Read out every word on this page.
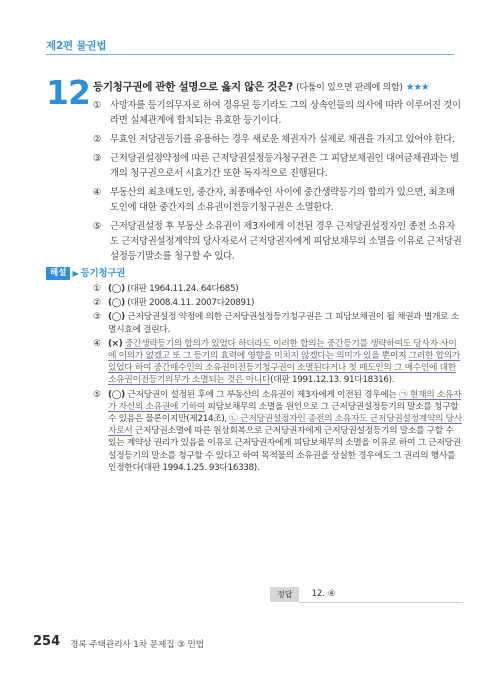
제2편 물권법
12 등기청구권에 관한 설명으로 옳지 않은 것은? (다툼이 있으면 판례에 의함) ★★★
① 사망자를 등기의무자로 하여 경유된 등기라도 그의 상속인들의 의사에 따라 이루어진 것이라면 실체관계에 합치되는 유효한 등기이다.
② 무효인 저당권등기를 유용하는 경우 새로운 채권자가 실제로 채권을 가지고 있어야 한다.
③ 근저당권설정약정에 따른 근저당권설정등기청구권은 그 피담보채권인 대여금채권과는 별개의 청구권으로서 시효기간 또한 독자적으로 진행된다.
④ 부동산의 최초매도인, 중간자, 최종매수인 사이에 중간생략등기의 합의가 있으면, 최초매도인에 대한 중간자의 소유권이전등기청구권은 소멸한다.
⑤ 근저당권설정 후 부동산 소유권이 제3자에게 이전된 경우 근저당권설정자인 종전 소유자도 근저당권설정계약의 당사자로서 근저당권자에게 피담보채무의 소멸을 이유로 근저당권설정등기말소를 청구할 수 있다.
해설 ▶ 등기청구권
① (◯) (대판 1964.11.24. 64다685)
② (◯) (대판 2008.4.11. 2007다20891)
③ (◯) 근저당권설정 약정에 의한 근저당권설정등기청구권은 그 피담보채권이 될 채권과 별개로 소멸시효에 걸린다.
④ (×) 중간생략등기의 합의가 있었다 하더라도 이러한 합의는 중간등기를 생략하여도 당사자 사이에 이의가 없겠고 또 그 등기의 효력에 영향을 미치지 않겠다는 의미가 있을 뿐이지 그러한 합의가 있었다 하여 중간매수인의 소유권이전등기청구권이 소멸된다거나 첫 매도인의 그 매수인에 대한 소유권이전등기의무가 소멸되는 것은 아니다(대판 1991.12.13. 91다18316).
⑤ (◯) 근저당권이 설정된 후에 그 부동산의 소유권이 제3자에게 이전된 경우에는 ㉠ 현재의 소유자가 자신의 소유권에 기하여 피담보채무의 소멸을 원인으로 그 근저당권설정등기의 말소를 청구할 수 있음은 물론이지만(제214조), ㉡ 근저당권설정자인 종전의 소유자도 근저당권설정계약의 당사자로서 근저당권소멸에 따른 원상회복으로 근저당권자에게 근저당권설정등기의 말소를 구할 수 있는 계약상 권리가 있음을 이유로 근저당권자에게 피담보채무의 소멸을 이유로 하여 그 근저당권설정등기의 말소를 청구할 수 있다고 하여 목적물의 소유권을 상실한 경우에도 그 권리의 행사를 인정한다(대판 1994.1.25. 93다16338).
정답 12. ④
254 경록 주택관리사 1차 문제집 ③ 민법
